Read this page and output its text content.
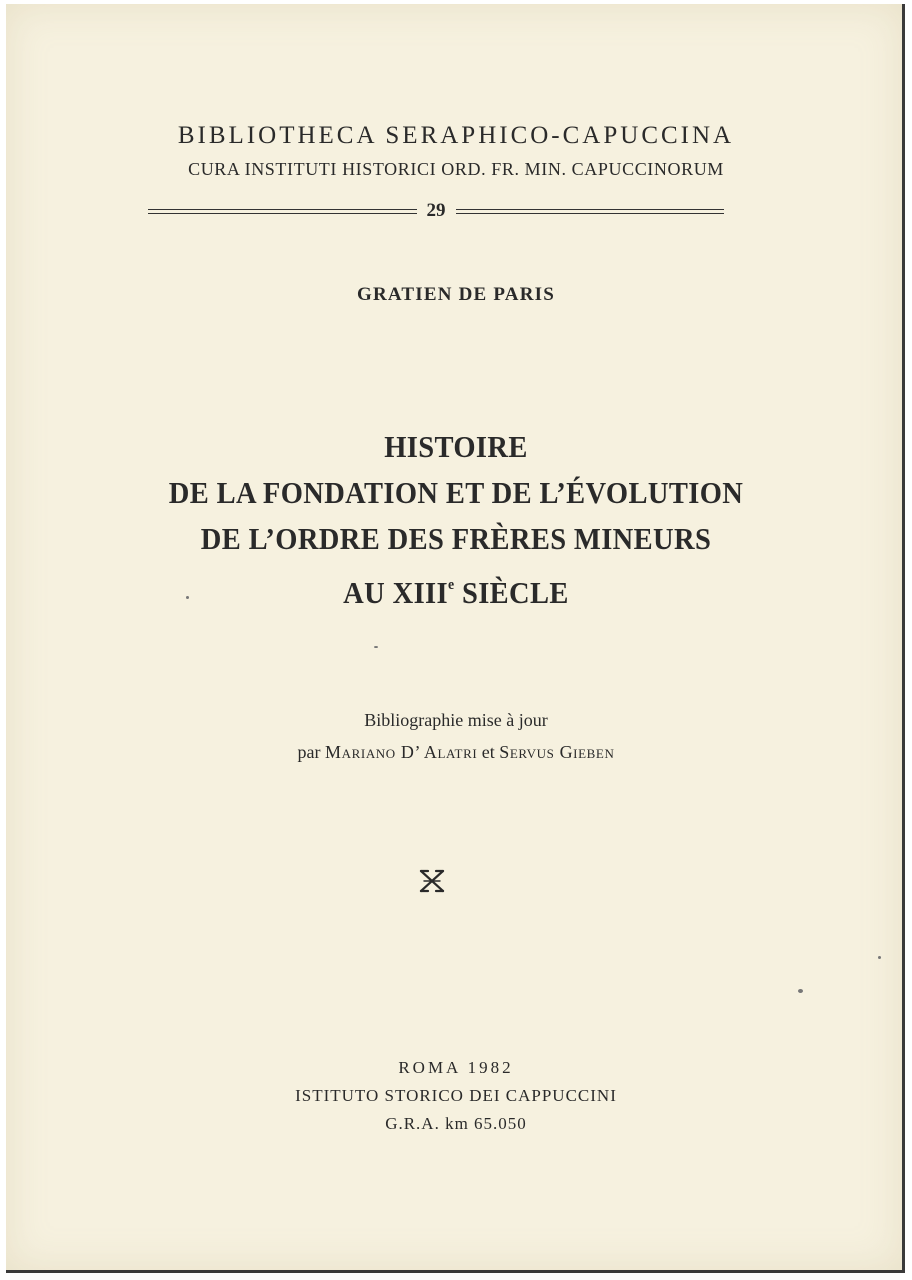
BIBLIOTHECA SERAPHICO-CAPUCCINA
CURA INSTITUTI HISTORICI ORD. FR. MIN. CAPUCCINORUM
29
GRATIEN DE PARIS
HISTOIRE
DE LA FONDATION ET DE L’ÉVOLUTION
DE L’ORDRE DES FRÈRES MINEURS
AU XIIIe SIÈCLE
Bibliographie mise à jour
par Mariano D’ Alatri et Servus Gieben
ROMA 1982
ISTITUTO STORICO DEI CAPPUCCINI
G.R.A. km 65.050
